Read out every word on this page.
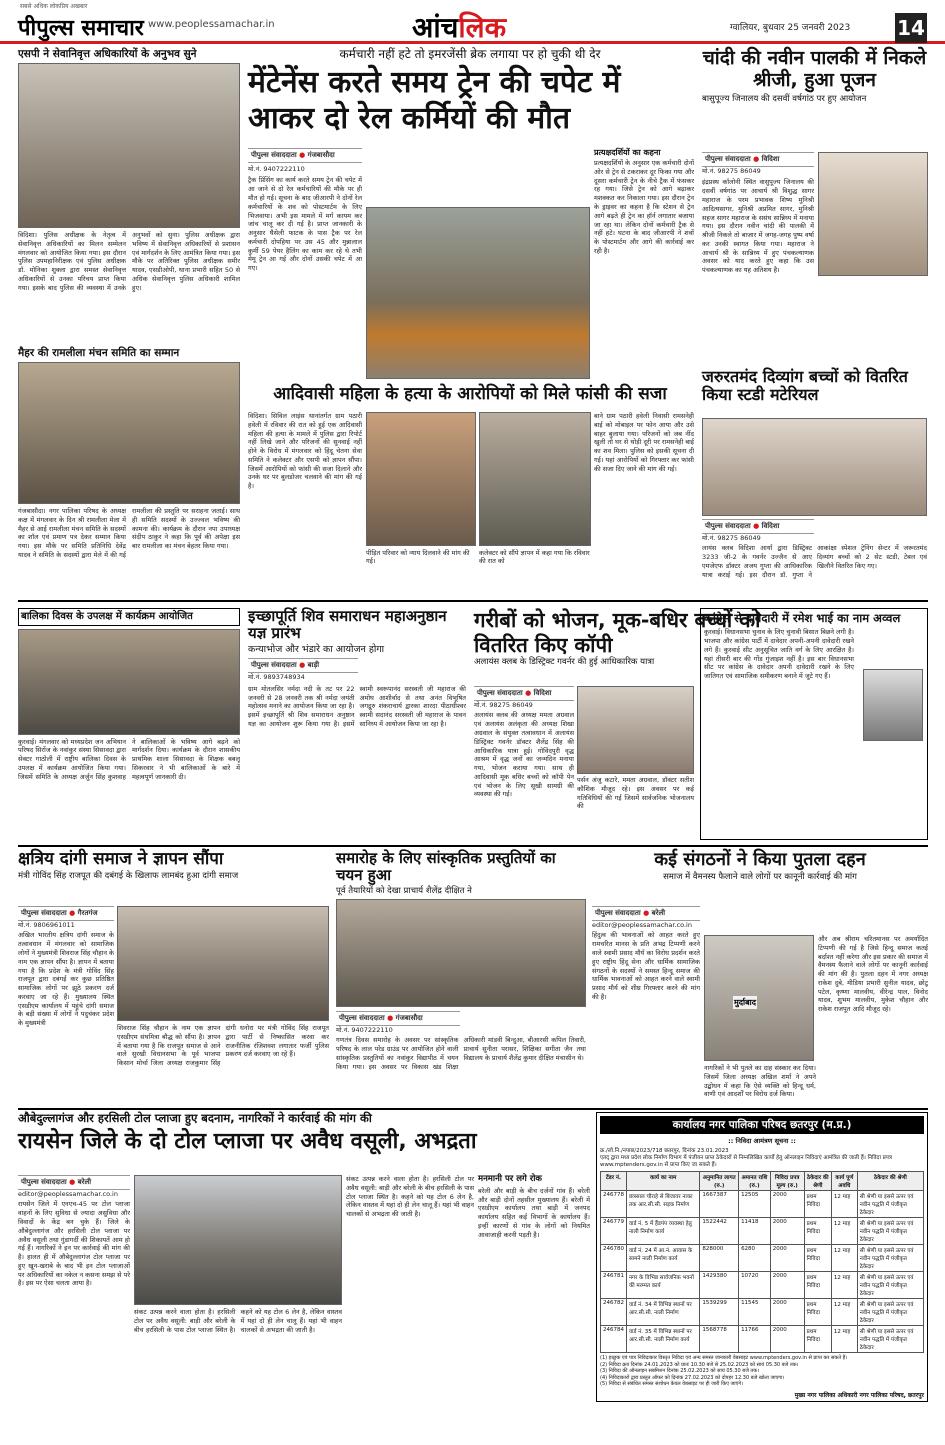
सबसे अधिक लोकप्रिय अखबार
पीपुल्स समाचार www.peoplessamachar.in	आंचलिक	ग्वालियर, बुधवार 25 जनवरी 2023 14
एसपी ने सेवानिवृत्त अधिकारियों के अनुभव सुने
विदिशा। पुलिस अधीक्षक के नेतृत्व में सेवानिवृत्त अधिकारियों का मिलन सम्मेलन मंगलवार को आयोजित किया गया। इस दौरान पुलिस उपमहानिरीक्षक एवं पुलिस अधीक्षक डॉ. मोनिका शुक्ला द्वारा समस्त सेवानिवृत्त अधिकारियों से उनका परिचय प्राप्त किया गया। इसके बाद पुलिस की व्यवस्था में उनके अनुभवों को सुना। पुलिस अधीक्षक द्वारा भविष्य में सेवानिवृत्त अधिकारियों से प्रशासन एवं मार्गदर्शन के लिए आमंत्रित किया गया। इस मौके पर अतिरिक्त पुलिस अधीक्षक समीर यादव, एसडीओपी, थाना प्रभारी सहित 50 से अधिक सेवानिवृत्त पुलिस अधिकारी शामिल हुए।
मैहर की रामलीला मंचन समिति का सम्मान
गंजबासौदा। नगर पालिका परिषद के अध्यक्ष कक्ष में मंगलवार के दिन श्री रामलीला मेला में मैहर से आई रामलीला मंचन समिति के सदस्यों का शॉल एवं प्रमाण पत्र देकर सम्मान किया गया। इस मौके पर समिति प्रतिनिधि देवेंद्र यादव ने समिति के सदस्यों द्वारा मेले में की गई रामलीला की प्रस्तुति पर सराहना जताई। साथ ही समिति सदस्यों के उज्ज्वल भविष्य की कामना की। कार्यक्रम के दौरान नपा उपाध्यक्ष संदीप ठाकुर ने कहा कि पूर्व की अपेक्षा इस बार रामलीला का मंचन बेहतर किया गया।
कर्मचारी नहीं हटे तो इमरजेंसी ब्रेक लगाया पर हो चुकी थी देर
मेंटेनेंस करते समय ट्रेन की चपेट में आकर दो रेल कर्मियों की मौत
पीपुल्स संवाददाता ● गंजबासौदा
मो.नं. 9407222110
ट्रैक प्रिंसिंग का कार्य करते समय ट्रेन की चपेट में आ जाने से दो रेल कर्मचारियों की मौके पर ही मौत हो गई। सूचना के बाद जीआरपी ने दोनों रेल कर्मचारियों के शव को पोस्टमार्टम के लिए भिजवाया। अभी इस मामले में मर्ग कायम कर जांच चालू कर दी गई है। प्राप्त जानकारी के अनुसार घैसेली फाटक के पास ट्रैक पर रेल कर्मचारी दोपहिया पर उस 45 और मुन्नालाल कुर्मी 59 पेयर हैलिंग का काम कर रहे थे तभी मेमू ट्रेन आ गई और दोनों उसकी चपेट में आ गए।
प्रत्यक्षदर्शियों का कहना
प्रत्यक्षदर्शियों के अनुसार एक कर्मचारी दोनों ओर से ट्रेन से टकराकर दूर फिका गया और दूसरा कर्मचारी ट्रेन के नीचे ट्रैक में फंसकर रह गया। जिसे ट्रेन को आगे बढ़ाकर मशक्कत कर निकाला गया। इस दौरान ट्रेन के ड्राइवर का कहना है कि स्टेशन से ट्रेन आगे बढ़ते ही ट्रेन का हॉर्न लगातार बजाया जा रहा था। लेकिन दोनों कर्मचारी ट्रैक से नहीं हटे। घटना के बाद जीआरपी ने शवों के पोस्टमार्टम और आगे की कार्रवाई कर रही है।
आदिवासी महिला के हत्या के आरोपियों को मिले फांसी की सजा
विदिशा। सिविल लाइंस थानांतर्गत ग्राम पठारी हवेली में रविवार की रात को हुई एक आदिवासी महिला की हत्या के मामले में पुलिस द्वारा रिपोर्ट नहीं लिखे जाने और परिजनों की सुनवाई नहीं होने के विरोध में मंगलवार को हिंदू चेतना सेवा समिति ने कलेक्टर और एसपी को ज्ञापन सौंपा। जिसमें आरोपियों को फांसी की सजा दिलाने और उनके घर पर बुलडोजर चलवाने की मांग की गई है।
पीड़ित परिवार को न्याय दिलवाने की मांग की गई।
कलेक्टर को सौंपे ज्ञापन में कहा गया कि रविवार की रात को
बाने ग्राम पठारी हवेली निवासी रामसनेही बाई को मोबाइल पर फोन आया और उसे बाहर बुलाया गया। परिजनों को जब नींद खुली तो घर से थोड़ी दूरी पर रामसनेही बाई का शव मिला। पुलिस को इसकी सूचना दी गई। यहां आरोपियों को गिरफ्तार कर फांसी की सजा दिए जाने की मांग की गई।
चांदी की नवीन पालकी में निकले श्रीजी, हुआ पूजन
बासुपूज्य जिनालय की दसवीं वर्षगांठ पर हुए आयोजन
पीपुल्स संवाददाता ● विदिशा
मो.नं. 98275 86049
इंद्रप्रस्थ कॉलोनी स्थित वासुपूज्य जिनालय की दसवीं वर्षगांठ पर आचार्य श्री विशुद्ध सागर महाराज के परम प्रभावक शिष्य मुनिश्री आदित्यसागर, मुनिश्री अप्रमित सागर, मुनिश्री सहज सागर महाराज के ससंघ सान्निध्य में मनाया गया। इस दौरान नवीन चांदी की पालकी में श्रीजी निकले तो बाजार में जगह-जगह पुष्प वर्षा कर उनकी स्वागत किया गया। महाराज ने आचार्य श्री के सान्निध्य में हुए पंचकल्याणक अवसर को याद करते हुए कहा कि उस पंचकल्याणक का यह अतिशय है।
जरुरतमंद दिव्यांग बच्चों को वितरित किया स्टडी मटेरियल
पीपुल्स संवाददाता ● विदिशा
मो.नं. 98275 86049
लायंस क्लब विदिशा आर्या द्वारा डिस्ट्रिक्ट 3233 जी-2 के गवर्नर उज्जैन से आए एमजेएफ डॉक्टर अजय गुप्ता की आधिकारिक यात्रा कराई गई। इस दौरान डॉ. गुप्ता ने आकांक्षा स्पेशल ट्रेनिंग सेन्टर में जरूरतमंद दिव्यांग बच्चों को 2 सेट स्टडी, टेबल एवं खिलौने वितरित किए गए।
बालिका दिवस के उपलक्ष में कार्यक्रम आयोजित
कुरवाई। मंगलवार को मध्यप्रदेश जन अभियान परिषद सिरोंज के नवांकुर संस्था सिसावदा द्वारा सेक्टर गाठोली में राष्ट्रीय बालिका दिवस के उपलक्ष में कार्यक्रम आयोजित किया गया। जिसमें समिति के अध्यक्ष अर्जुन सिंह कुशवाह ने बालिकाओं के भविष्य आगे बढ़ने को मार्गदर्शन दिया। कार्यक्रम के दौरान शासकीय प्राथमिक शाला सिसावदा के शिक्षक बबलू सिकरवार ने भी बालिकाओं के बारे में महत्वपूर्ण जानकारी दी।
इच्छापूर्ति शिव समाराधन महाअनुष्ठान यज्ञ प्रारंभ
कन्याभोज और भंडारे का आयोजन होगा
पीपुल्स संवाददाता ● बाड़ी
मो.नं. 9893748934
ग्राम मोतलसिर नर्मदा नदी के तट पर 22 जनवरी से 28 जनवरी तक श्री नर्मदा जयंती महोत्सव मनाने का आयोजन किया जा रहा है। इसमें इच्छापूर्ति श्री शिव समाराधन अनुष्ठान यज्ञ का आयोजन शुरू किया गया है। इसमें स्वामी स्वरूपानंद सरस्वती जी महाराज की अमोघ आशीर्वाद से तथा अनंत विभूषित जगद्गुरु शंकराचार्य द्वारका शारदा पीठाधीश्वर स्वामी सदानंद सरस्वती जी महाराज के पावन सानिध्य में आयोजन किया जा रहा है।
गरीबों को भोजन, मूक-बधिर बच्चों को वितरित किए कॉपी
अलायंस क्लब के डिस्ट्रिक्ट गवर्नर की हुई आधिकारिक यात्रा
पीपुल्स संवाददाता ● विदिशा
मो.नं. 98275 86049
अलायंस क्लब की अध्यक्ष ममता अग्रवाल एवं अलायंस अलंकृता की अध्यक्ष शिखा अग्रवाल के संयुक्त तत्वावधान में अलायंस डिस्ट्रिक्ट गवर्नर डॉक्टर शैलेंद्र सिंह की आधिकारिक यात्रा हुई। गोविंदपुरी वृद्ध आश्रम में वृद्ध जनों का जन्मदिन मनाया गया, भोजन कराया गया। साथ ही आदिवासी मूक बधिर बच्चों को कॉपी पेन एवं भोजन के लिए सूखी सामग्री की व्यवस्था की गई।
पर्सन अंजु कटारे, ममता अग्रवाल, डॉक्टर सतीश कौशिक मौजूद रहे। इस अवसर पर कई गतिविधियों की गई जिसमें सार्वजनिक भोजनालय की
कांग्रेस से दावेदारी में रमेश भाई का नाम अव्वल
कुरवाई। विधानसभा चुनाव के लिए चुनावी बिसात बिछने लगी है। भाजपा और कांग्रेस पार्टी में दावेदार अपनी-अपनी दावेदारी रखने लगे हैं। कुरवाई सीट अनुसूचित जाति वर्ग के लिए आरक्षित है। यहां तीसरी बार की गोंड गुंजाइश नहीं है। इस बार विधानसभा सीट पर कांग्रेस के दावेदार अपनी दावेदारी रखने के लिए जातिगत एवं सामाजिक समीकरण बनाने में जुटे गए हैं।
क्षत्रिय दांगी समाज ने ज्ञापन सौंपा
मंत्री गोविंद सिंह राजपूत की दबंगई के खिलाफ लामबंद हुआ दांगी समाज
पीपुल्स संवाददाता ● गैरतगंज
मो.नं. 9806961011
अखिल भारतीय क्षत्रिय दांगी समाज के तत्वावधान में मंगलवार को सामाजिक लोगों ने मुख्यमंत्री शिवराज सिंह चौहान के नाम एक ज्ञापन सौंपा है। ज्ञापन में बताया गया है कि प्रदेश के मंत्री गोविंद सिंह राजपूत द्वारा दबंगई कर कुछ प्रतिष्ठित सामाजिक लोगों पर झूठे प्रकरण दर्ज करवाए जा रहे हैं। मुख्यालय स्थित एसडीएम कार्यालय में पहुंचे दांगी समाज के बड़ी संख्या में लोगों ने पदुचंकर प्रदेश के मुख्यमंत्री
शिवराज सिंह चौहान के नाम एक ज्ञापन एसडीएम संघमित्रा बौद्ध को सौंपा है। ज्ञापन में बताया गया है कि राजपूत समाज से आने वाले सुरखी विधानसभा के पूर्व भाजपा किसान मोर्चा जिला अध्यक्ष राजकुमार सिंह दांगी धनोरा पर मंत्री गोविंद सिंह राजपूत द्वारा पार्टी से निष्कासित करवा कर राजनीतिक रंजिशवश लगातार फर्जी पुलिस प्रकरण दर्ज करवाए जा रहे हैं।
समारोह के लिए सांस्कृतिक प्रस्तुतियों का चयन हुआ
पूर्व तैयारियों को देखा प्राचार्य शैलेंद्र दीक्षित ने
पीपुल्स संवाददाता ● गंजबासौदा
मो.नं. 9407222110
गणतंत्र दिवस समारोह के अवसर पर सांस्कृतिक परिषद के लाल परेड ग्राउंड पर आयोजित होने वाली सांस्कृतिक प्रस्तुतियों का नवांकुर विद्यापीठ में चयन किया गया। इस अवसर पर विकास खंड शिक्षा अधिकारी मांडवी बिन्दुआ, बीआरसी कपिल तिवारी, प्राचार्य सुनीता परासर, शिक्षिका सगीता जैन तथा विद्यालय के प्राचार्य शैलेंद्र कुमार दीक्षित मंचासीन थे।
कई संगठनों ने किया पुतला दहन
समाज में वैमनस्य फैलाने वाले लोगों पर कानूनी कार्रवाई की मांग
पीपुल्स संवाददाता ● बरेली
editor@peoplessamachar.co.in
हिंदुत्व की भावनाओं को आहत करते हुए रामचरित मानस के प्रति अभद्र टिप्पणी करने वाले स्वामी प्रसाद मौर्य का विरोध प्रदर्शन करते हुए राष्ट्रीय हिंदू सेना और धार्मिक सामाजिक संगठनों के सदस्यों ने समस्त हिन्दू समाज की धार्मिक भावनाओं को आहत करने वाले स्वामी प्रसाद मौर्य को शीघ्र गिरफ्तार करने की मांग की है।
मुर्दाबाद
नागरिकों ने भी पुतले का दाह संस्कार कर दिया। जिसमें जिला अध्यक्ष अखिल शर्मा ने अपने उद्बोधन में कहा कि ऐसे व्यक्ति को हिन्दू धर्म, वाणी एवं आदर्शों पर विरोध दर्ज किया।
और अब श्रीराम चरितमानस पर अमर्यादित टिप्पणी की गई है जिसे हिन्दू समाज कतई बर्दाश्त नहीं करेगा और इस प्रकार की समाज में वैमनस्य फैलाने वाले लोगों पर कानूनी कार्रवाई की मांग की है। पुतला दहन में नगर अध्यक्ष राकेश दुबे, मीडिया प्रभारी सुनील यादव, छोटू पटेल, कृष्णा मालवीय, वीरेन्द्र पाल, विनोद यादव, शुभम मालवीय, मुकेश चौहान और राकेश राजपूत आदि मौजूद रहे।
औबेदुल्लागंज और हरसिली टोल प्लाजा हुए बदनाम, नागरिकों ने कार्रवाई की मांग की
रायसेन जिले के दो टोल प्लाजा पर अवैध वसूली, अभद्रता
पीपुल्स संवाददाता ● बरेली
editor@peoplessamachar.co.in
रायसेन जिले में एनएच-45 पर टोल प्लाजा वाहनों के लिए सुविधा से ज्यादा असुविधा और विवादों के केंद्र बन चुके हैं। जिले के औबेदुल्लागंज और हरसिली टोल प्लाजा पर अवैध वसूली तथा गुंडागर्दी की शिकायतें आम हो गई हैं। नागरिकों ने इन पर कार्रवाई की मांग की है। हालत ही में औबेदुल्लागंज टोल प्लाजा पर हुए खून-खराबे के बाद भी इन टोल प्लाजाओं पर अधिकारियों का नकेल न कसना समझ से परे है। इस पर ऐसा चलता आया है।
संकट उत्पन्न करने वाला होता है। हरसिली टोल पर अवैध वसूली: बाड़ी और बरेली के बीच हरसिली के पास टोल प्लाजा स्थित है। कहने को यह टोल 6 लेन है, लेकिन वास्तव में यहां दो ही लेन चालू हैं। यहां भी वाहन चालकों से अभद्रता की जाती है।
संकट उत्पन्न करने वाला होता है। हरसिली टोल पर अवैध वसूली: बाड़ी और बरेली के बीच हरसिली के पास टोल प्लाजा स्थित है। कहने को यह टोल 6 लेन है, लेकिन वास्तव में यहां दो ही लेन चालू हैं। यहां भी वाहन चालकों से अभद्रता की जाती है।
मनमानी पर लगे रोक
बरेली और बाड़ी के बीच दर्जनों गांव हैं। बरेली और बाड़ी दोनों तहसील मुख्यालय हैं। बरेली में एसडीएम कार्यालय तथा बाड़ी में जनपद कार्यालय सहित कई विभागों के कार्यालय हैं। इन्हीं कारणों से गांव के लोगों को नियमित आवाजाही करनी पड़ती है।
कार्यालय नगर पालिका परिषद छतरपुर (म.प्र.)
:: निविदा आमंत्रण सूचना ::
क्र./लो.नि./नपाछ/2023/718 छतरपुर, दिनांक 23.01.2023
एतद् द्वारा मध्य प्रदेश लोक निर्माण विभाग में पंजीयन प्राप्त ठेकेदारों से निम्नलिखित कार्यों हेतु ऑनलाइन निविदाएं आमंत्रित की जाती हैं। निविदा प्रपत्र www.mptenders.gov.in से प्राप्त किए जा सकते हैं।
टेंडर नं.	कार्य का नाम	अनुमानित लागत (रु.)	अमानत राशि (रु.)	निविदा प्रपत्र मूल्य (रु.)	ठेकेदार की श्रेणी	कार्य पूर्ण अवधि	ठेकेदार की श्रेणी
246778	छत्रसाल चौराहे से बिजावर नाका तक आर.सी.सी. सड़क निर्माण	1667387	12505	2000	प्रथम निविदा	12 माह	सी श्रेणी या इससे ऊपर एवं नवीन पद्धति में पंजीकृत ठेकेदार
246779	वार्ड नं. 5 में हैंडपंप व्यवस्था हेतु नाली निर्माण कार्य	1522442	11418	2000	प्रथम निविदा	12 माह	सी श्रेणी या इससे ऊपर एवं नवीन पद्धति में पंजीकृत ठेकेदार
246780	वार्ड नं. 24 में आ.नं. आवास के सामने नाली निर्माण कार्य	828000	6280	2000	प्रथम निविदा	12 माह	सी श्रेणी या इससे ऊपर एवं नवीन पद्धति में पंजीकृत ठेकेदार
246781	नगर के विभिन्न सार्वजनिक भवनों की मरम्मत कार्य	1429380	10720	2000	प्रथम निविदा	12 माह	सी श्रेणी या इससे ऊपर एवं नवीन पद्धति में पंजीकृत ठेकेदार
246782	वार्ड नं. 34 में विभिन्न स्थानों पर आर.सी.सी. नाली निर्माण	1539299	11545	2000	प्रथम निविदा	12 माह	सी श्रेणी या इससे ऊपर एवं नवीन पद्धति में पंजीकृत ठेकेदार
246784	वार्ड नं. 35 में विभिन्न स्थानों पर आर.सी.सी. नाली निर्माण कार्य	1568778	11766	2000	प्रथम निविदा	12 माह	सी श्रेणी या इससे ऊपर एवं नवीन पद्धति में पंजीकृत ठेकेदार
(1) इच्छुक एवं पात्र निविदाकार विस्तृत निविदा एवं अन्य समस्त जानकारी वेबसाइट www.mptenders.gov.in से प्राप्त कर सकते हैं।
(2) निविदा क्रय दिनांक 24.01.2023 को प्रातः 10.30 बजे से 25.02.2023 को सायं 05.30 बजे तक।
(3) निविदा की ऑनलाइन सबमिशन दिनांक 25.02.2023 को सायं 05.30 बजे तक।
(4) निविदाकारों द्वारा प्रस्तुत ऑफर को दिनांक 27.02.2023 को दोपहर 12.30 बजे खोला जाएगा।
(5) निविदा से संबंधित समस्त संशोधन केवल वेबसाइट पर ही जारी किए जाएंगे।
मुख्य नगर पालिका अधिकारी नगर पालिका परिषद, छतरपुर
